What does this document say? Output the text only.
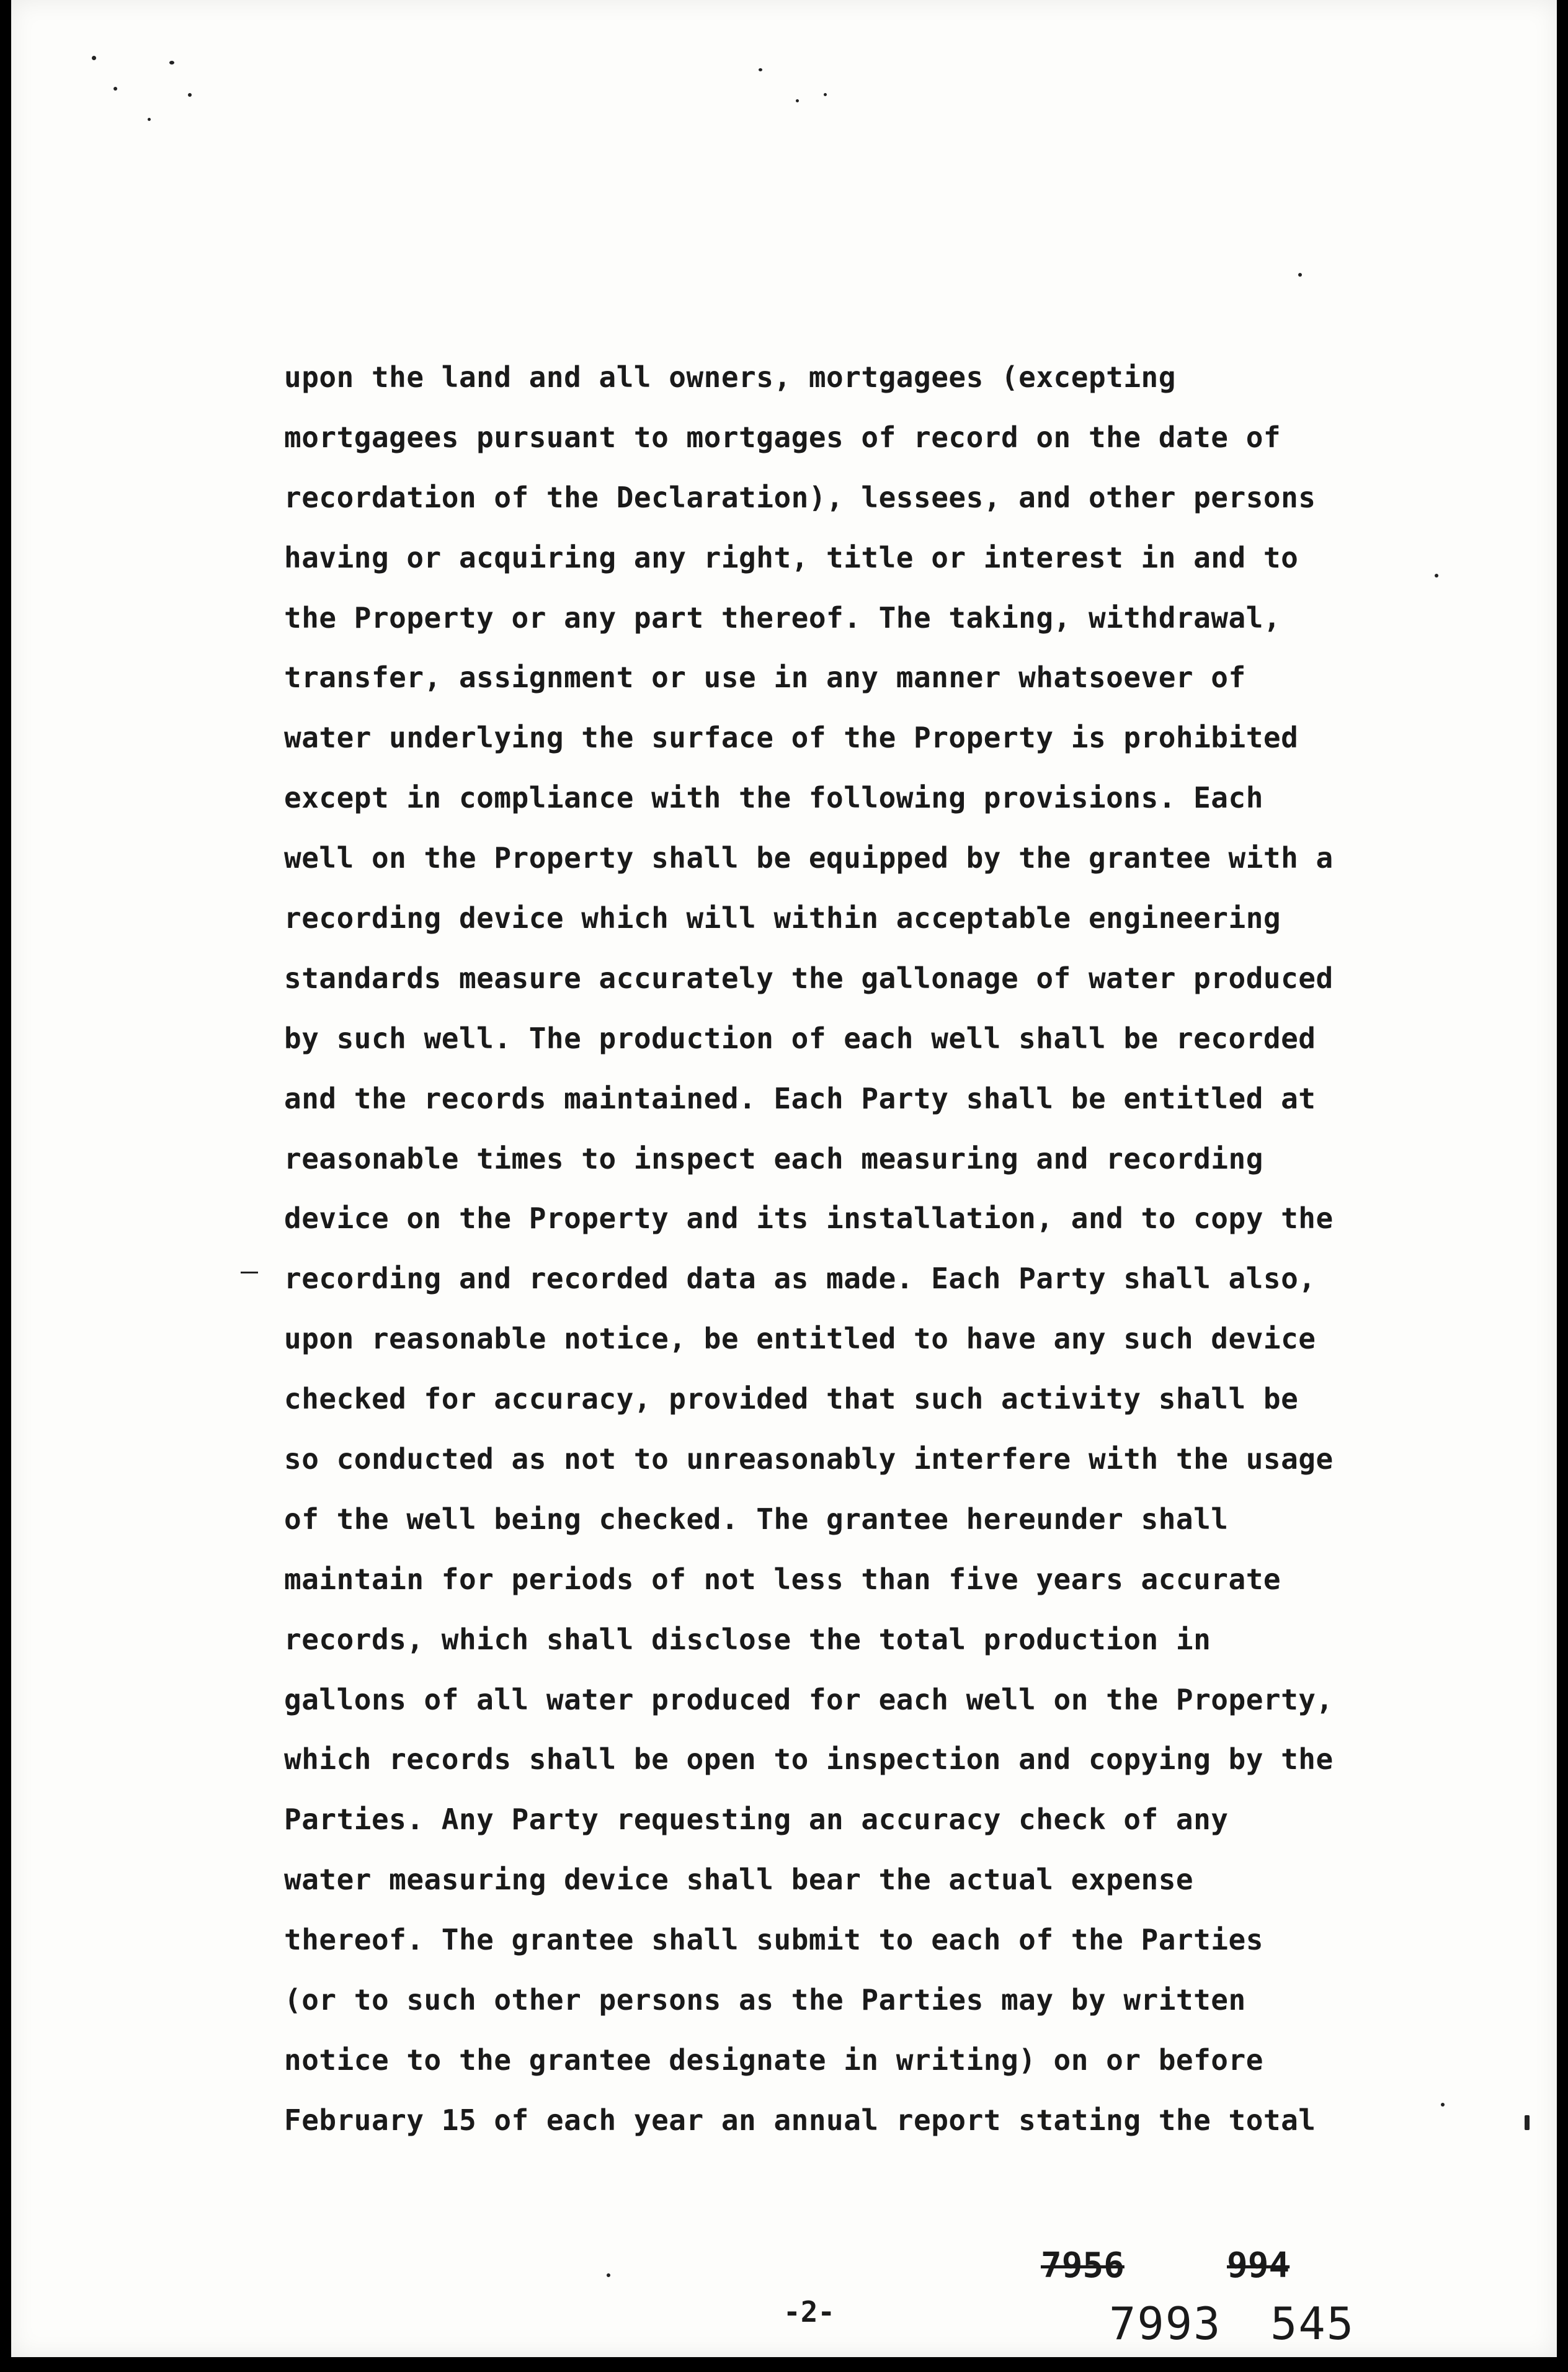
upon the land and all owners, mortgagees (excepting
mortgagees pursuant to mortgages of record on the date of
recordation of the Declaration), lessees, and other persons
having or acquiring any right, title or interest in and to
the Property or any part thereof. The taking, withdrawal,
transfer, assignment or use in any manner whatsoever of
water underlying the surface of the Property is prohibited
except in compliance with the following provisions. Each
well on the Property shall be equipped by the grantee with a
recording device which will within acceptable engineering
standards measure accurately the gallonage of water produced
by such well. The production of each well shall be recorded
and the records maintained. Each Party shall be entitled at
reasonable times to inspect each measuring and recording
device on the Property and its installation, and to copy the
recording and recorded data as made. Each Party shall also,
upon reasonable notice, be entitled to have any such device
checked for accuracy, provided that such activity shall be
so conducted as not to unreasonably interfere with the usage
of the well being checked. The grantee hereunder shall
maintain for periods of not less than five years accurate
records, which shall disclose the total production in
gallons of all water produced for each well on the Property,
which records shall be open to inspection and copying by the
Parties. Any Party requesting an accuracy check of any
water measuring device shall bear the actual expense
thereof. The grantee shall submit to each of the Parties
(or to such other persons as the Parties may by written
notice to the grantee designate in writing) on or before
February 15 of each year an annual report stating the total
-2-
7956	994
7993 545
